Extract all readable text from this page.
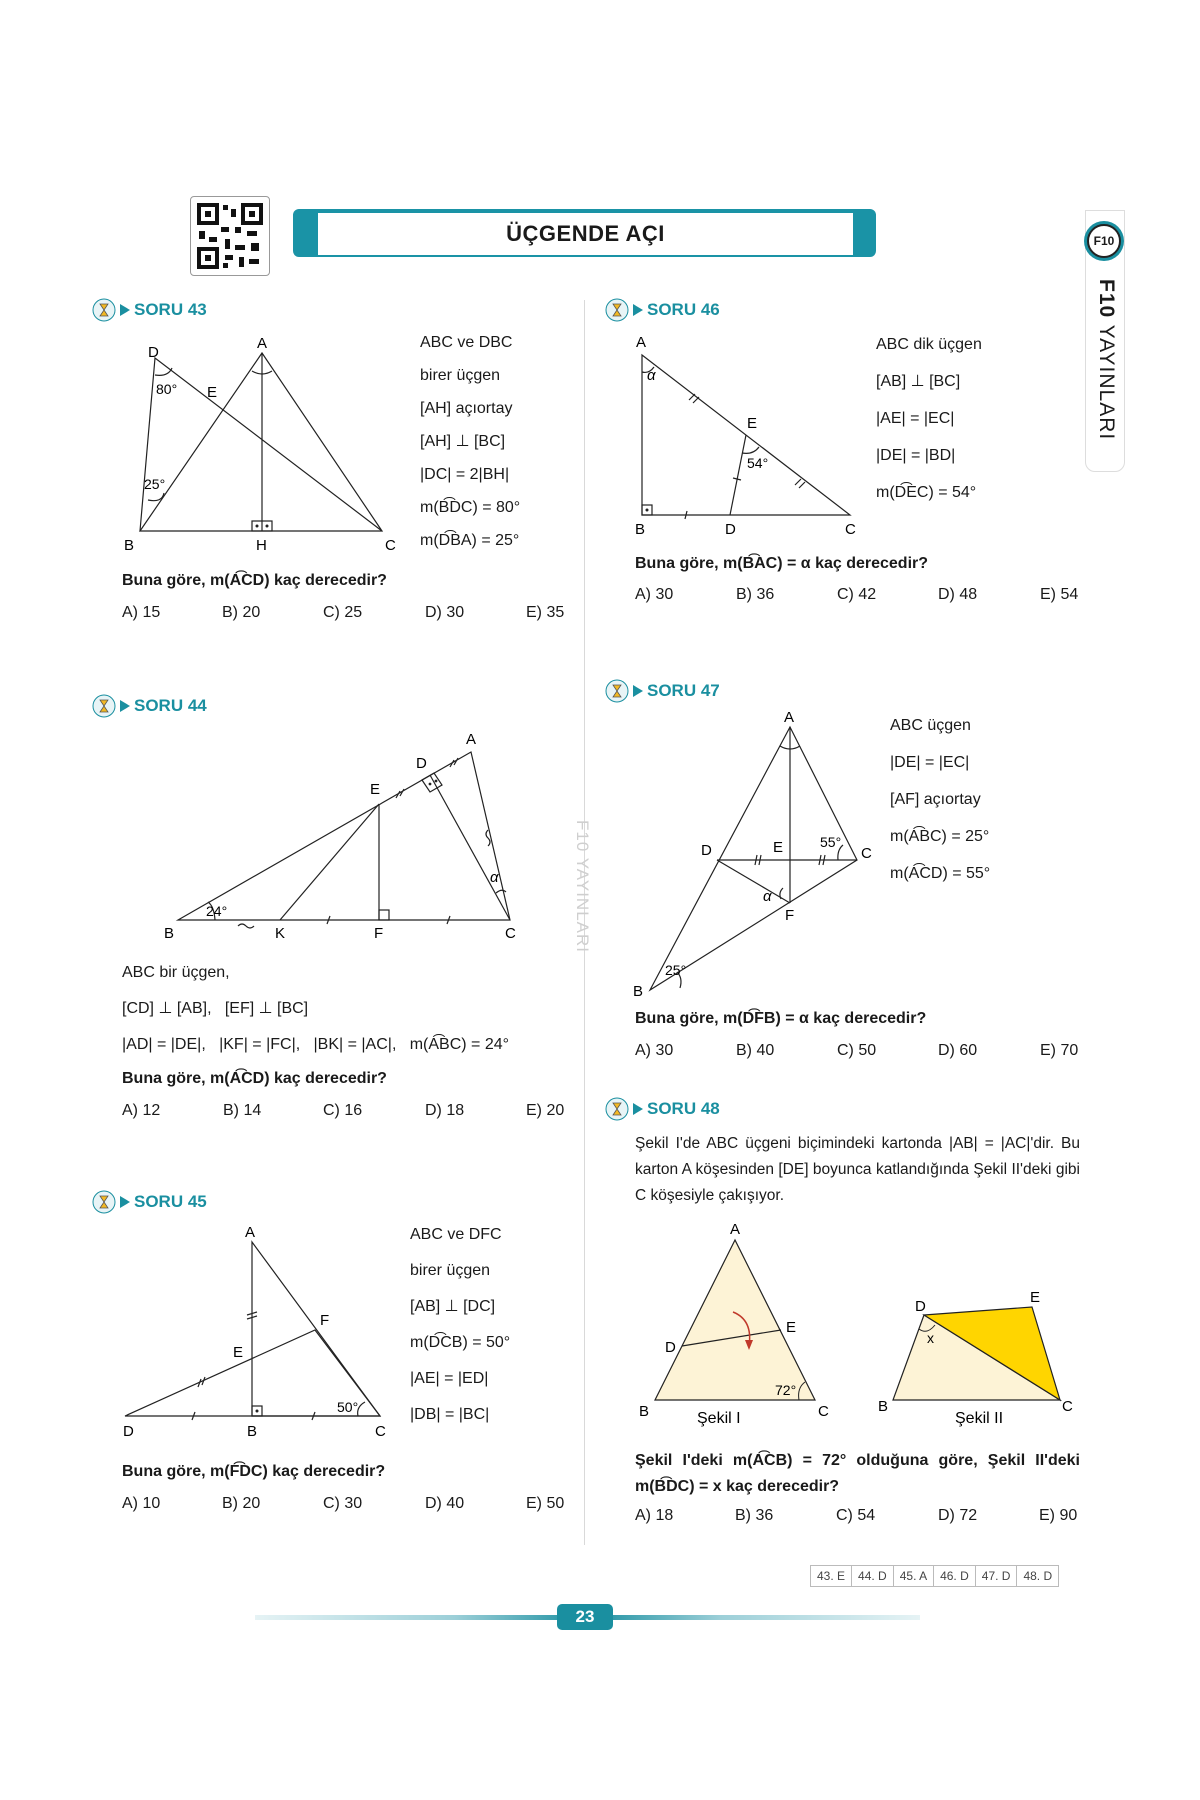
ÜÇGENDE AÇI	F10
F10 YAYINLARI
F10 YAYINLARI
SORU 43
A
D
E
B	H	C
80°
25°
ABC ve DBC
birer üçgen
[AH] açıortay
[AH] ⊥ [BC]
|DC| = 2|BH|
m(B͡DC) = 80°
m(D͡BA) = 25°
Buna göre, m(A͡CD) kaç derecedir?
A) 15	B) 20	C) 25	D) 30	E) 35
SORU 44
A
D
E
B	K	F	C
24°
α
ABC bir üçgen,
[CD] ⊥ [AB],   [EF] ⊥ [BC]
|AD| = |DE|,   |KF| = |FC|,   |BK| = |AC|,   m(A͡BC) = 24°
Buna göre, m(A͡CD) kaç derecedir?
A) 12	B) 14	C) 16	D) 18	E) 20
SORU 45
A
F
E
D	B	C
50°
ABC ve DFC
birer üçgen
[AB] ⊥ [DC]
m(D͡CB) = 50°
|AE| = |ED|
|DB| = |BC|
Buna göre, m(F͡DC) kaç derecedir?
A) 10	B) 20	C) 30	D) 40	E) 50
SORU 46
A
E
B	D	C
α
54°
ABC dik üçgen
[AB] ⊥ [BC]
|AE| = |EC|
|DE| = |BD|
m(D͡EC) = 54°
Buna göre, m(B͡AC) = α kaç derecedir?
A) 30	B) 36	C) 42	D) 48	E) 54
SORU 47
A
D	E	C
F
B
55°
α
25°
ABC üçgen
|DE| = |EC|
[AF] açıortay
m(A͡BC) = 25°
m(A͡CD) = 55°
Buna göre, m(D͡FB) = α kaç derecedir?
A) 30	B) 40	C) 50	D) 60	E) 70
SORU 48
Şekil I'de ABC üçgeni biçimindeki kartonda |AB| = |AC|'dir. Bu karton A köşesinden [DE] boyunca katlandığında Şekil II'deki gibi C köşesiyle çakışıyor.
A
E
D
B	C
72°
Şekil I
D
E
B	C
x
Şekil II
Şekil I'deki m(A͡CB) = 72° olduğuna göre, Şekil II'deki m(B͡DC) = x kaç derecedir?
A) 18	B) 36	C) 54	D) 72	E) 90
43. E	44. D	45. A	46. D	47. D	48. D
23
